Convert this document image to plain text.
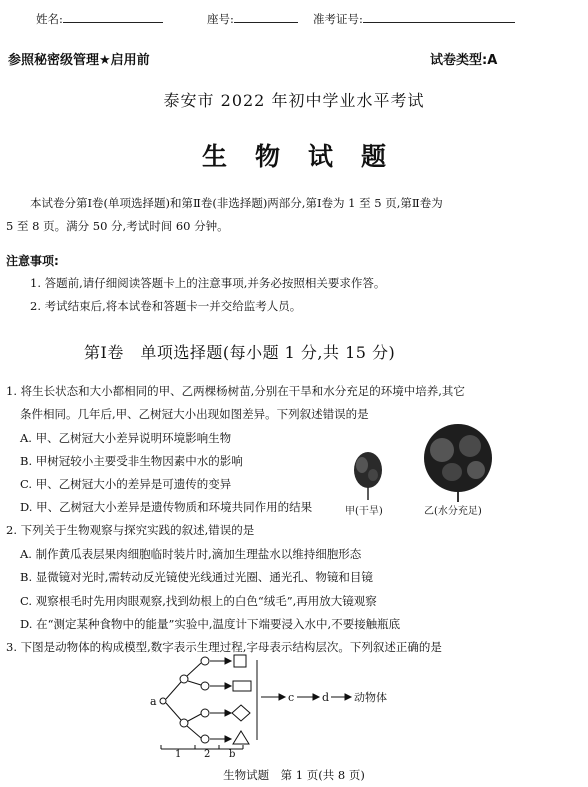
姓名:	座号:	准考证号:
参照秘密级管理★启用前	试卷类型:A
泰安市 2022 年初中学业水平考试
生物试题
本试卷分第Ⅰ卷(单项选择题)和第Ⅱ卷(非选择题)两部分,第Ⅰ卷为 1 至 5 页,第Ⅱ卷为
5 至 8 页。满分 50 分,考试时间 60 分钟。
注意事项:
1. 答题前,请仔细阅读答题卡上的注意事项,并务必按照相关要求作答。
2. 考试结束后,将本试卷和答题卡一并交给监考人员。
第Ⅰ卷　单项选择题(每小题 1 分,共 15 分)
1. 将生长状态和大小都相同的甲、乙两棵杨树苗,分别在干旱和水分充足的环境中培养,其它
条件相同。几年后,甲、乙树冠大小出现如图差异。下列叙述错误的是
A. 甲、乙树冠大小差异说明环境影响生物
B. 甲树冠较小主要受非生物因素中水的影响
C. 甲、乙树冠大小的差异是可遗传的变异
D. 甲、乙树冠大小差异是遗传物质和环境共同作用的结果	甲(干旱)	乙(水分充足)
2. 下列关于生物观察与探究实践的叙述,错误的是
A. 制作黄瓜表层果肉细胞临时装片时,滴加生理盐水以维持细胞形态
B. 显微镜对光时,需转动反光镜使光线通过光圈、通光孔、物镜和目镜
C. 观察根毛时先用肉眼观察,找到幼根上的白色“绒毛”,再用放大镜观察
D. 在“测定某种食物中的能量”实验中,温度计下端要浸入水中,不要接触瓶底
3. 下图是动物体的构成模型,数字表示生理过程,字母表示结构层次。下列叙述正确的是
a	c	d 动物体
1 2 b
生物试题　第 1 页(共 8 页)
